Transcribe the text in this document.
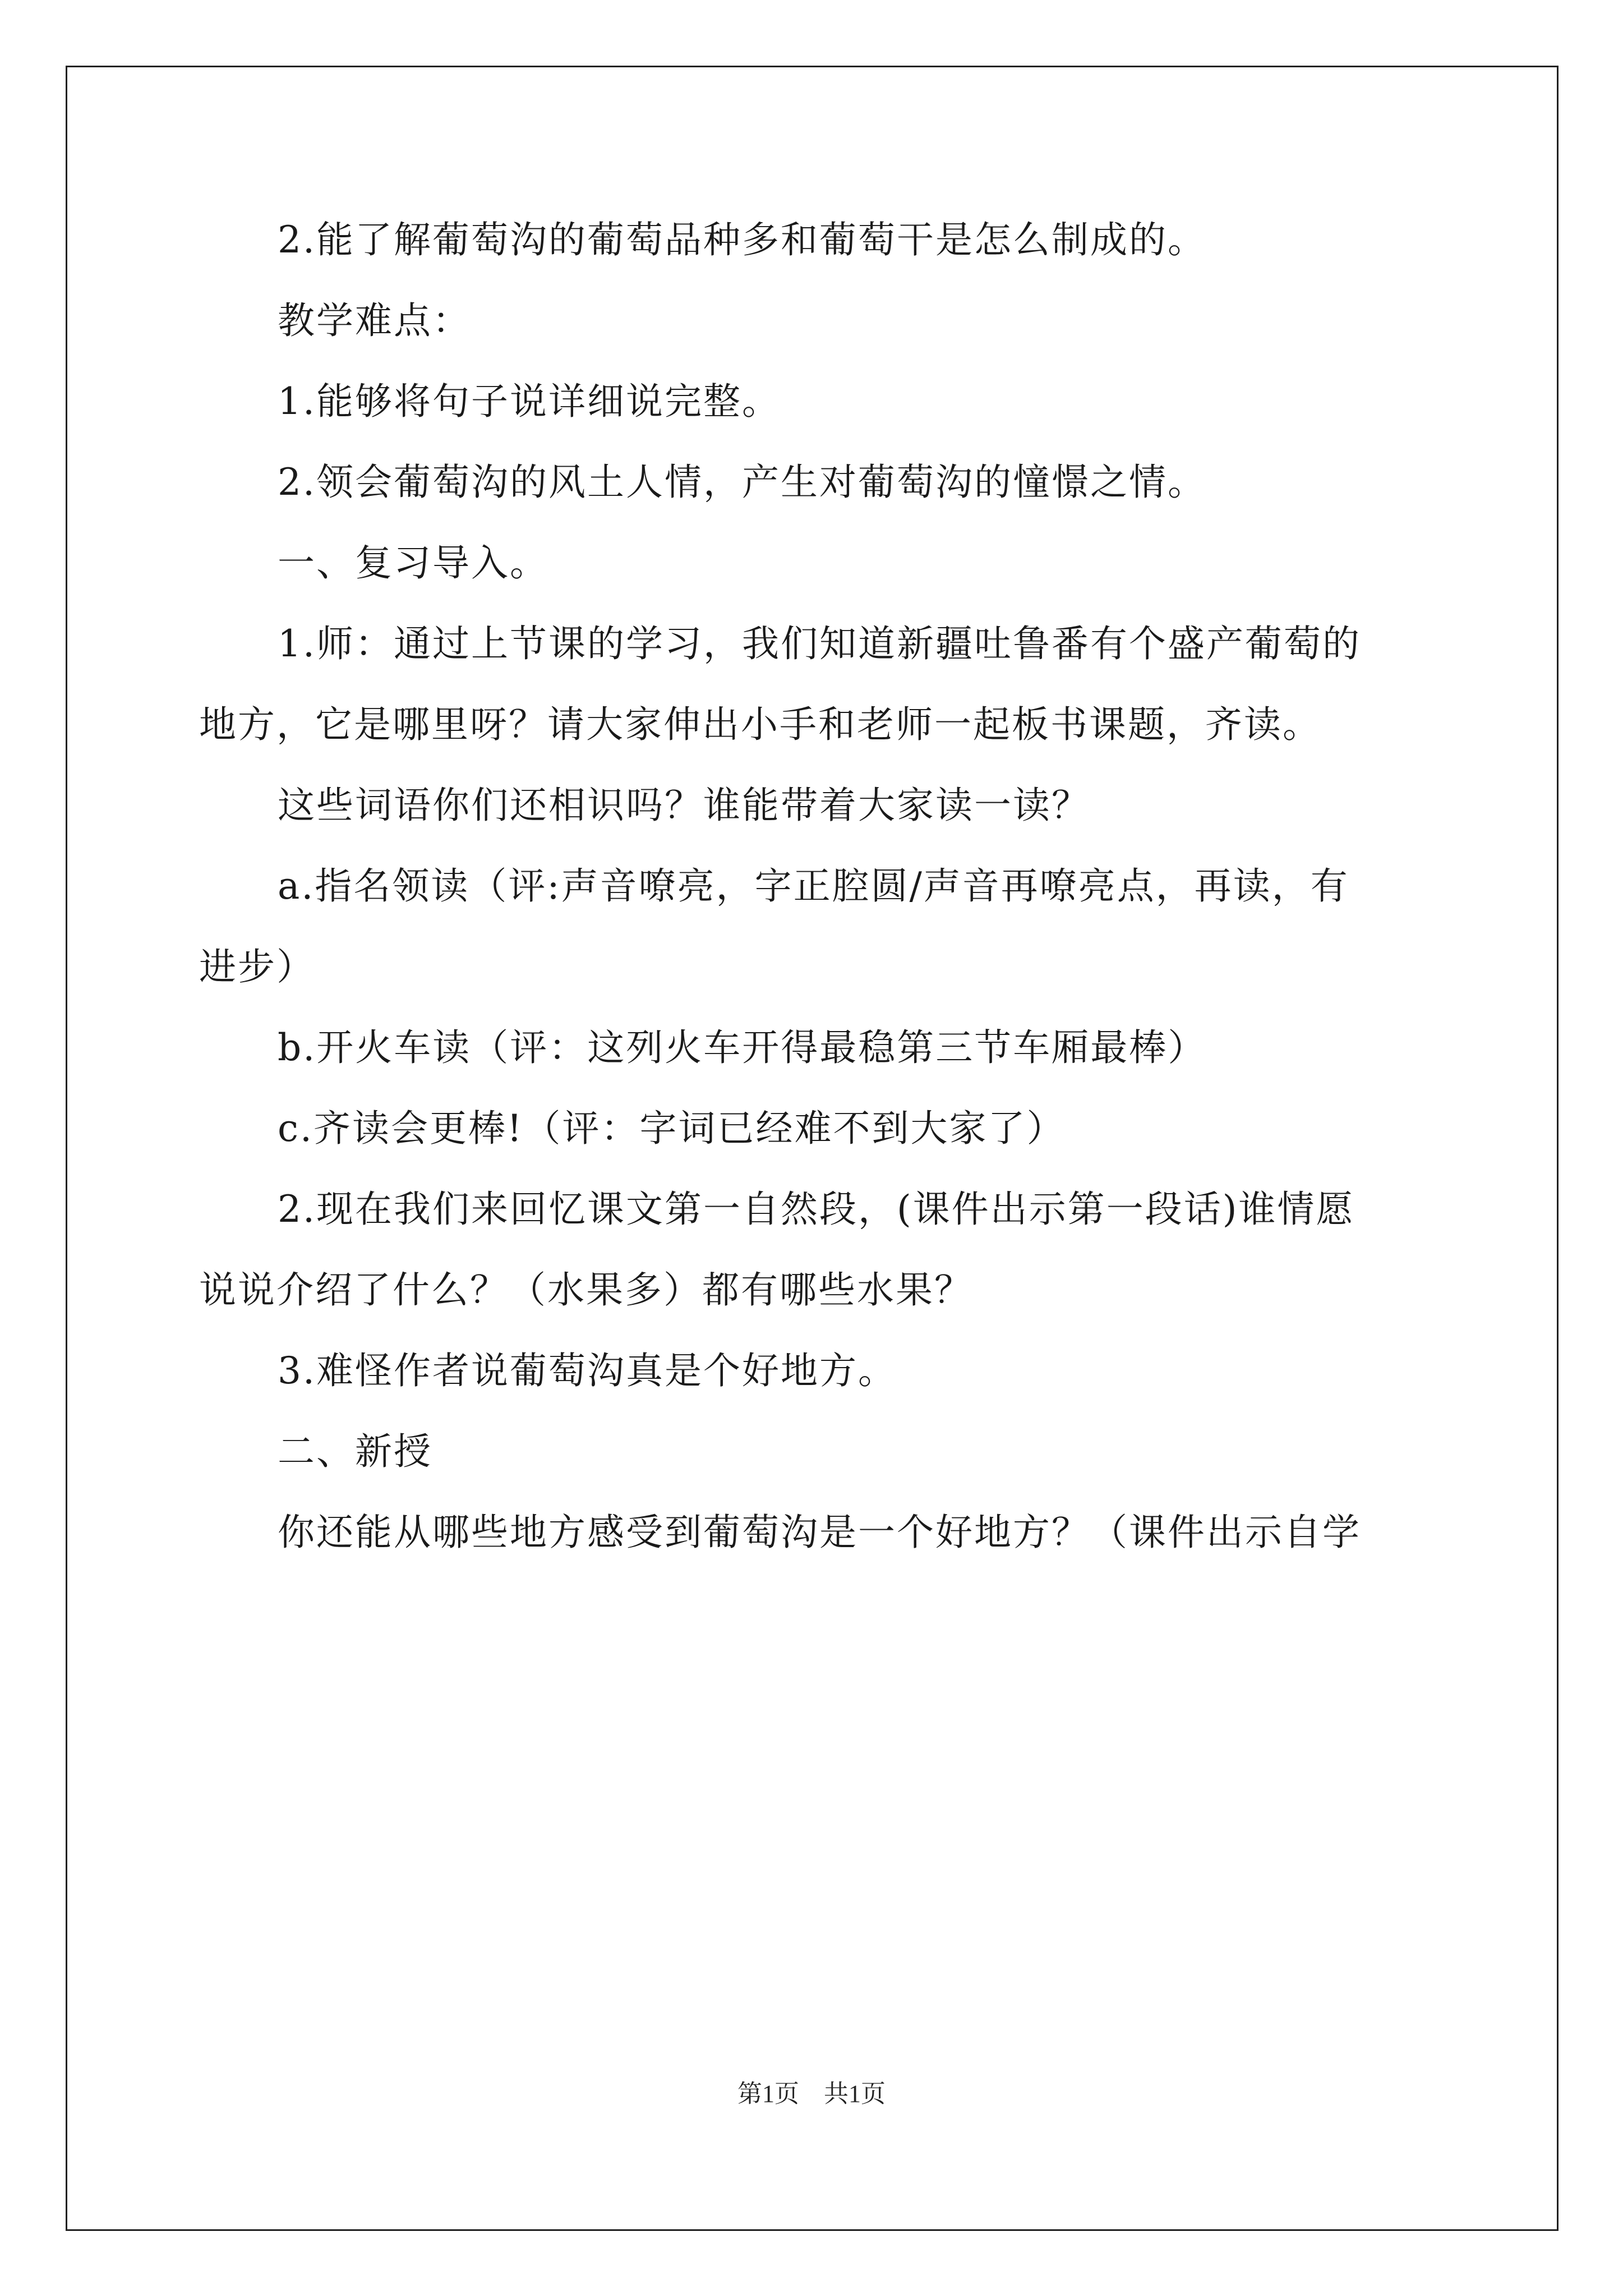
2.能了解葡萄沟的葡萄品种多和葡萄干是怎么制成的。
教学难点：
1.能够将句子说详细说完整。
2.领会葡萄沟的风土人情，产生对葡萄沟的憧憬之情。
一、复习导入。
1.师：通过上节课的学习，我们知道新疆吐鲁番有个盛产葡萄的
地方，它是哪里呀？请大家伸出小手和老师一起板书课题，齐读。
这些词语你们还相识吗？谁能带着大家读一读？
a.指名领读（评:声音嘹亮，字正腔圆/声音再嘹亮点，再读，有
进步）
b.开火车读（评：这列火车开得最稳第三节车厢最棒）
c.齐读会更棒!（评：字词已经难不到大家了）
2.现在我们来回忆课文第一自然段，(课件出示第一段话)谁情愿
说说介绍了什么？（水果多）都有哪些水果？
3.难怪作者说葡萄沟真是个好地方。
二、新授
你还能从哪些地方感受到葡萄沟是一个好地方？（课件出示自学
第1页　共1页
